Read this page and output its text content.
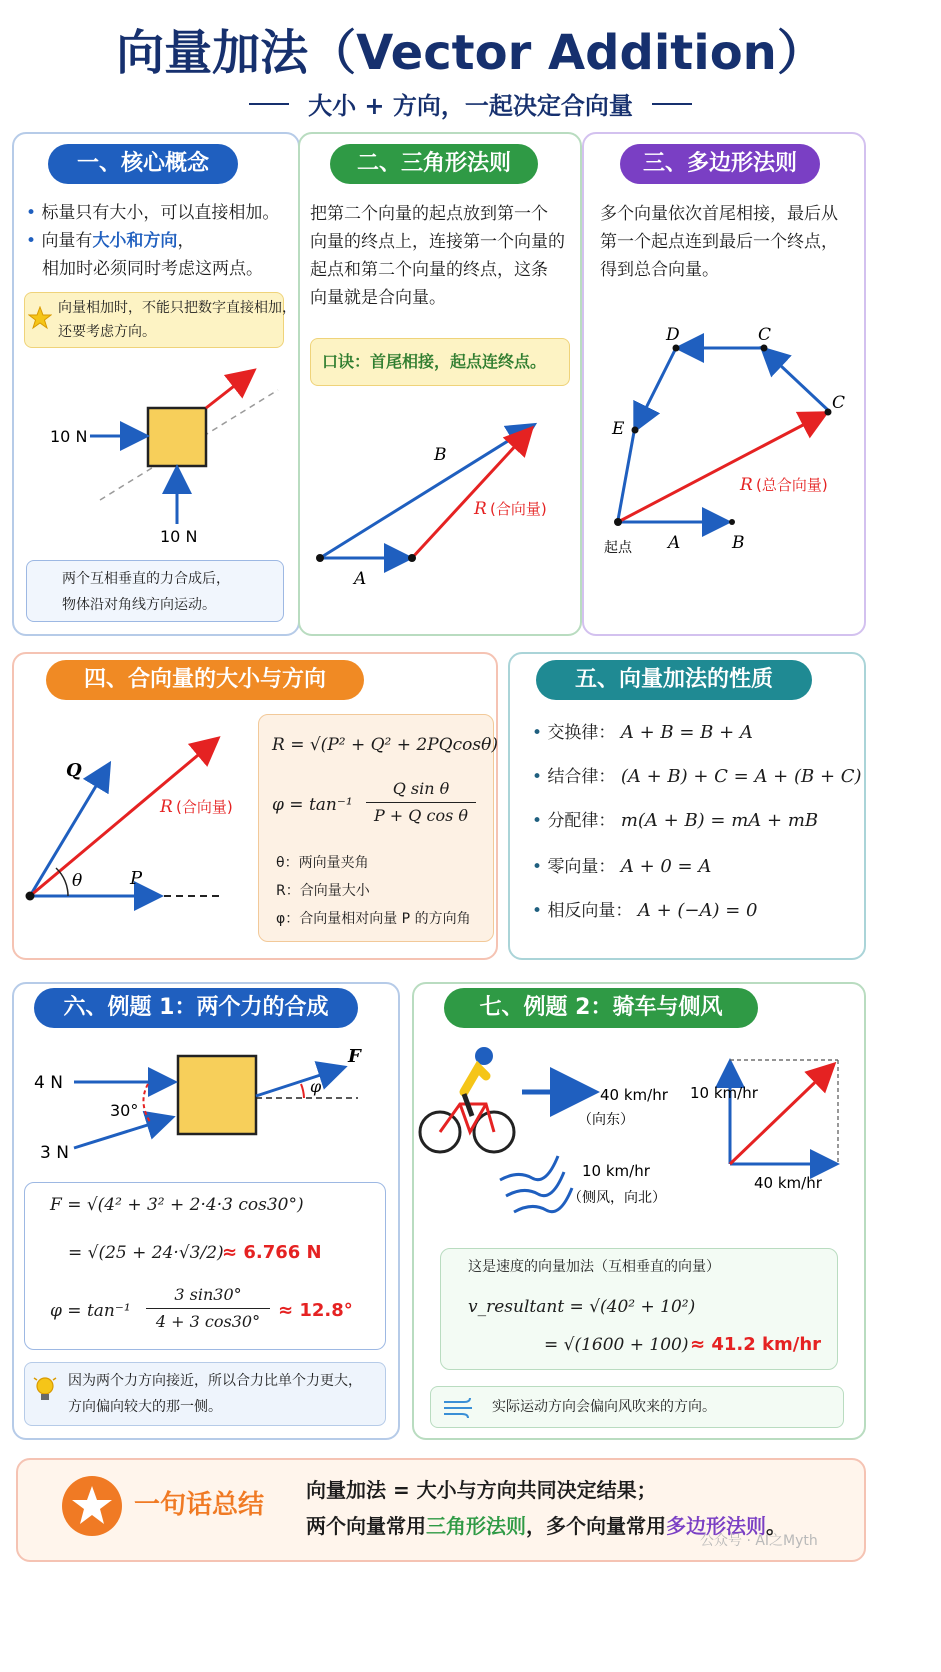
向量加法（Vector Addition）
大小 + 方向，一起决定合向量
一、核心概念
• 标量只有大小，可以直接相加。
• 向量有大小和方向，
相加时必须同时考虑这两点。
向量相加时，不能只把数字直接相加，
还要考虑方向。
10 N
10 N
两个互相垂直的力合成后，
物体沿对角线方向运动。
二、三角形法则
把第二个向量的起点放到第一个
向量的终点上，连接第一个向量的
起点和第二个向量的终点，这条
向量就是合向量。
口诀：首尾相接，起点连终点。
A
B
R (合向量)
三、多边形法则
多个向量依次首尾相接，最后从
第一个起点连到最后一个终点，
得到总合向量。
D	C
C
E
R (总合向量)
起点 A	B
四、合向量的大小与方向
Q
R (合向量)
θ	P
R = √(P² + Q² + 2PQcosθ)
$\varphi = \tan^{-1} \frac{\text{Q sin θ}}{\text{P + Q cos θ}}$
θ：两向量夹角
R：合向量大小
φ：合向量相对向量 P 的方向角
五、向量加法的性质
• 交换律： A + B = B + A
• 结合律： (A + B) + C = A + (B + C)
• 分配律： m(A + B) = mA + mB
• 零向量： A + 0 = A
• 相反向量： A + (−A) = 0
六、例题 1：两个力的合成
4 N
3 N
30°
F
φ
F = √(4² + 3² + 2·4·3 cos30°)
= √(25 + 24·√3/2)
≈ 6.766 N
$\varphi = \tan^{-1} \frac{3 \sin 30^\circ}{4 + 3 \cos 30^\circ} \approx 12.8^\circ$
因为两个力方向接近，所以合力比单个力更大，
方向偏向较大的那一侧。
七、例题 2：骑车与侧风
40 km/hr
（向东）
10 km/hr
（侧风，向北）
10 km/hr
40 km/hr
这是速度的向量加法（互相垂直的向量）
v_resultant = √(40² + 10²)
= √(1600 + 100) ≈ 41.2 km/hr
实际运动方向会偏向风吹来的方向。
一句话总结 向量加法 = 大小与方向共同决定结果；
两个向量常用三角形法则，多个向量常用多边形法则。
公众号 · AI之Myth
